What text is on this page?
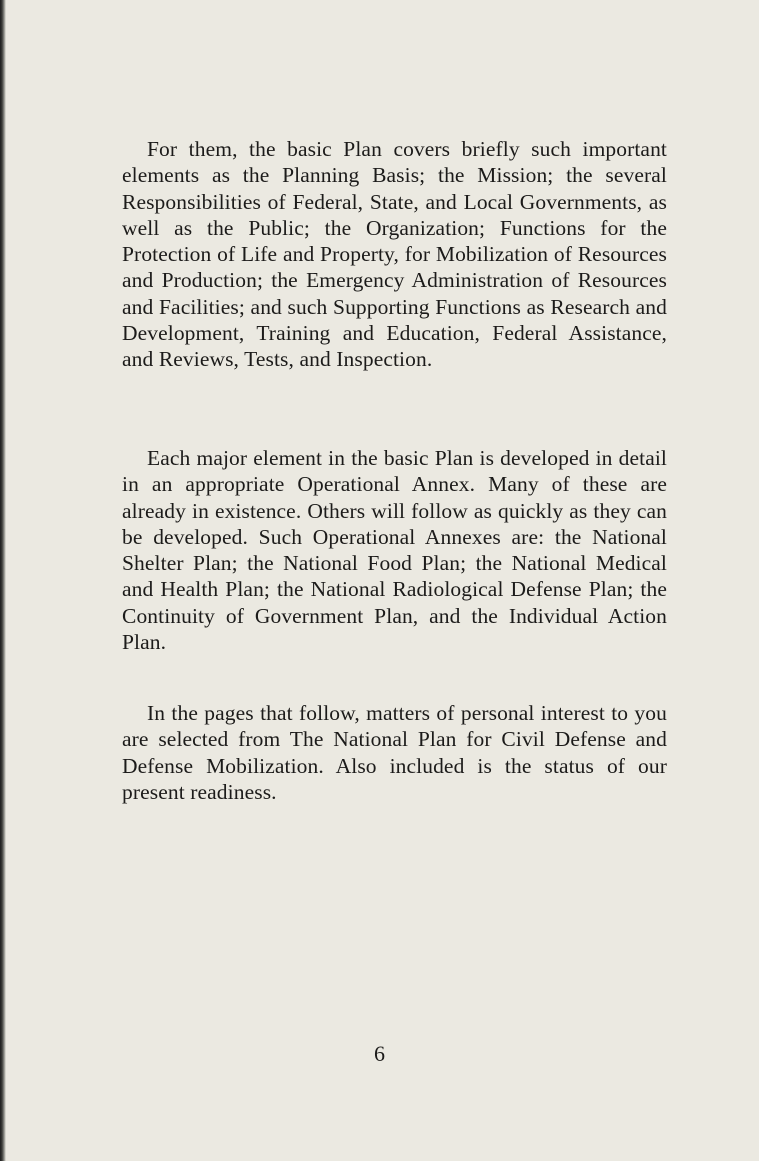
For them, the basic Plan covers briefly such important elements as the Planning Basis; the Mission; the several Responsibilities of Federal, State, and Local Governments, as well as the Public; the Organization; Functions for the Protection of Life and Property, for Mobilization of Resources and Production; the Emergency Administration of Resources and Facilities; and such Supporting Functions as Research and Development, Training and Education, Federal Assistance, and Reviews, Tests, and Inspection.

Each major element in the basic Plan is developed in detail in an appropriate Operational Annex. Many of these are already in existence. Others will follow as quickly as they can be developed. Such Operational Annexes are: the National Shelter Plan; the National Food Plan; the National Medical and Health Plan; the National Radiological Defense Plan; the Continuity of Government Plan, and the Individual Action Plan.

In the pages that follow, matters of personal interest to you are selected from The National Plan for Civil Defense and Defense Mobilization. Also included is the status of our present readiness.

6
